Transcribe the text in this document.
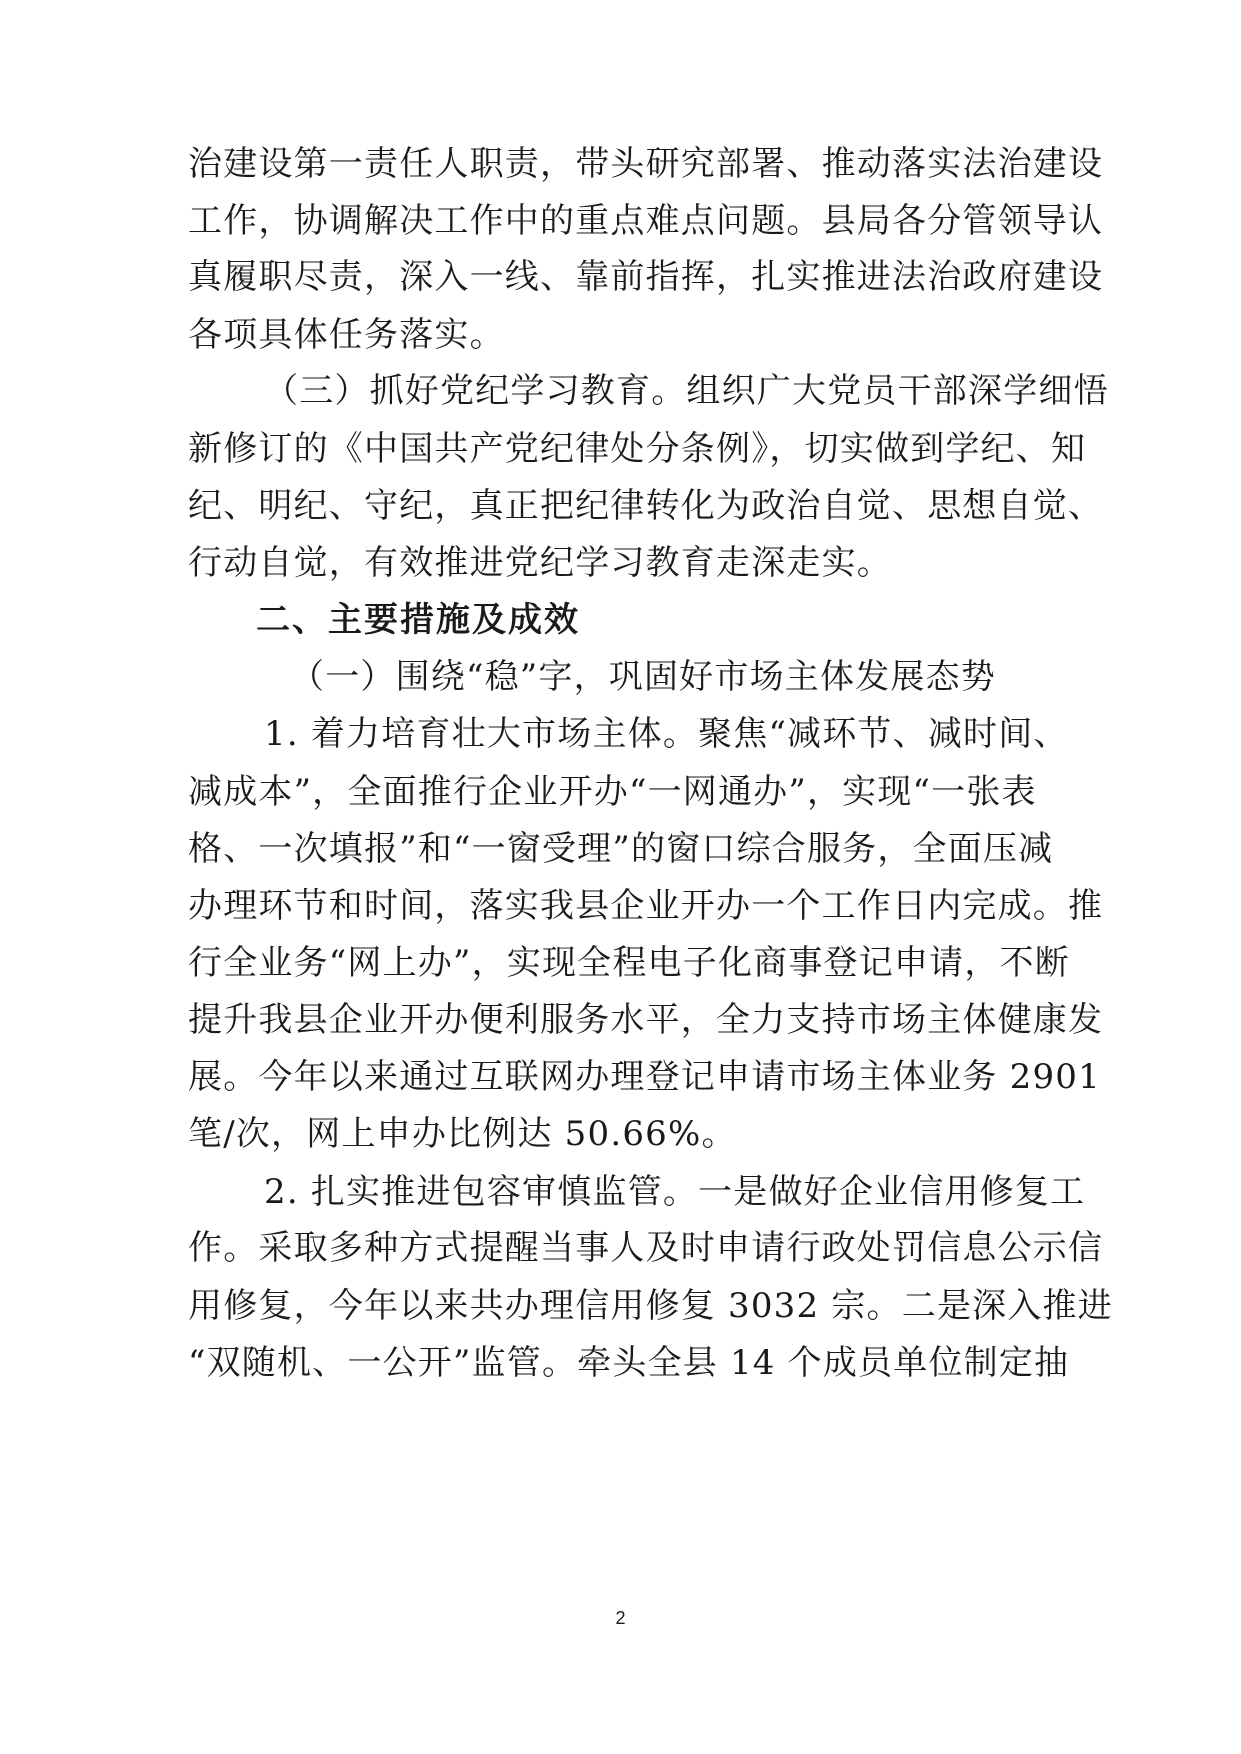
治建设第一责任人职责，带头研究部署、推动落实法治建设
工作，协调解决工作中的重点难点问题。县局各分管领导认
真履职尽责，深入一线、靠前指挥，扎实推进法治政府建设
各项具体任务落实。
（三）抓好党纪学习教育。组织广大党员干部深学细悟
新修订的《中国共产党纪律处分条例》，切实做到学纪、知
纪、明纪、守纪，真正把纪律转化为政治自觉、思想自觉、
行动自觉，有效推进党纪学习教育走深走实。
二、主要措施及成效
（一）围绕“稳”字，巩固好市场主体发展态势
1. 着力培育壮大市场主体。聚焦“减环节、减时间、
减成本”，全面推行企业开办“一网通办”，实现“一张表
格、一次填报”和“一窗受理”的窗口综合服务，全面压减
办理环节和时间，落实我县企业开办一个工作日内完成。推
行全业务“网上办”，实现全程电子化商事登记申请，不断
提升我县企业开办便利服务水平，全力支持市场主体健康发
展。今年以来通过互联网办理登记申请市场主体业务 2901
笔/次，网上申办比例达 50.66%。
2. 扎实推进包容审慎监管。一是做好企业信用修复工
作。采取多种方式提醒当事人及时申请行政处罚信息公示信
用修复，今年以来共办理信用修复 3032 宗。二是深入推进
“双随机、一公开”监管。牵头全县 14 个成员单位制定抽
2
